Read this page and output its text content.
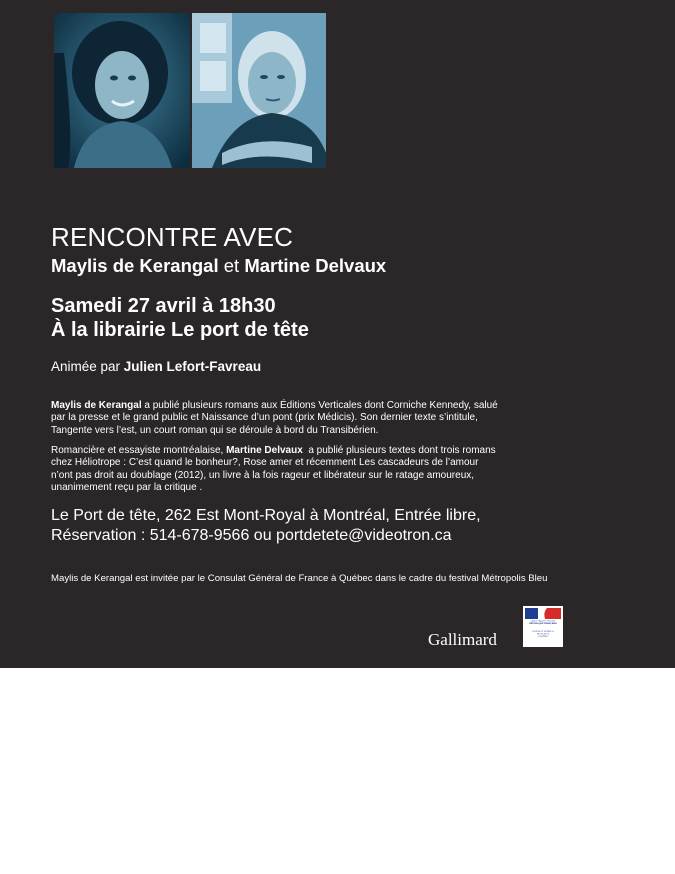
RENCONTRE AVEC
Maylis de Kerangal et Martine Delvaux
Samedi 27 avril à 18h30
À la librairie Le port de tête
Animée par Julien Lefort-Favreau
Maylis de Kerangal a publié plusieurs romans aux Éditions Verticales dont Corniche Kennedy, salué
par la presse et le grand public et Naissance d’un pont (prix Médicis). Son dernier texte s’intitule,
Tangente vers l’est, un court roman qui se déroule à bord du Transibérien.
Romancière et essayiste montréalaise, Martine Delvaux  a publié plusieurs textes dont trois romans
chez Héliotrope : C’est quand le bonheur?, Rose amer et récemment Les cascadeurs de l’amour
n’ont pas droit au doublage (2012), un livre à la fois rageur et libérateur sur le ratage amoureux,
unanimement reçu par la critique .
Le Port de tête, 262 Est Mont-Royal à Montréal, Entrée libre,
Réservation : 514-678-9566 ou portdetete@videotron.ca
Maylis de Kerangal est invitée par le Consulat Général de France à Québec dans le cadre du festival Métropolis Bleu
Gallimard
Liberté • Égalité • Fraternité
RÉPUBLIQUE FRANÇAISE
CONSULAT GÉNÉRAL
DE FRANCE
À QUÉBEC
